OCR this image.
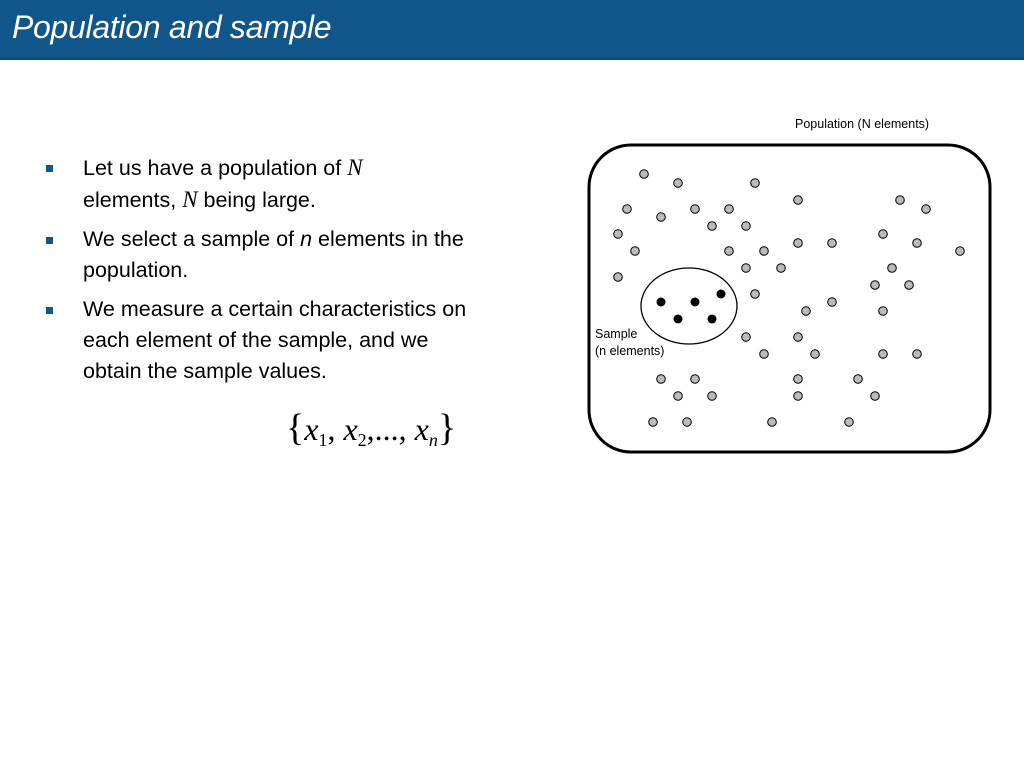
Population and sample
Let us have a population of N
elements, N being large.
We select a sample of n elements in the population.
We measure a certain characteristics on each element of the sample, and we obtain the sample values.
{$x_1$, $x_2$,..., $x_n$}
Population (N elements)
Sample
(n elements)
